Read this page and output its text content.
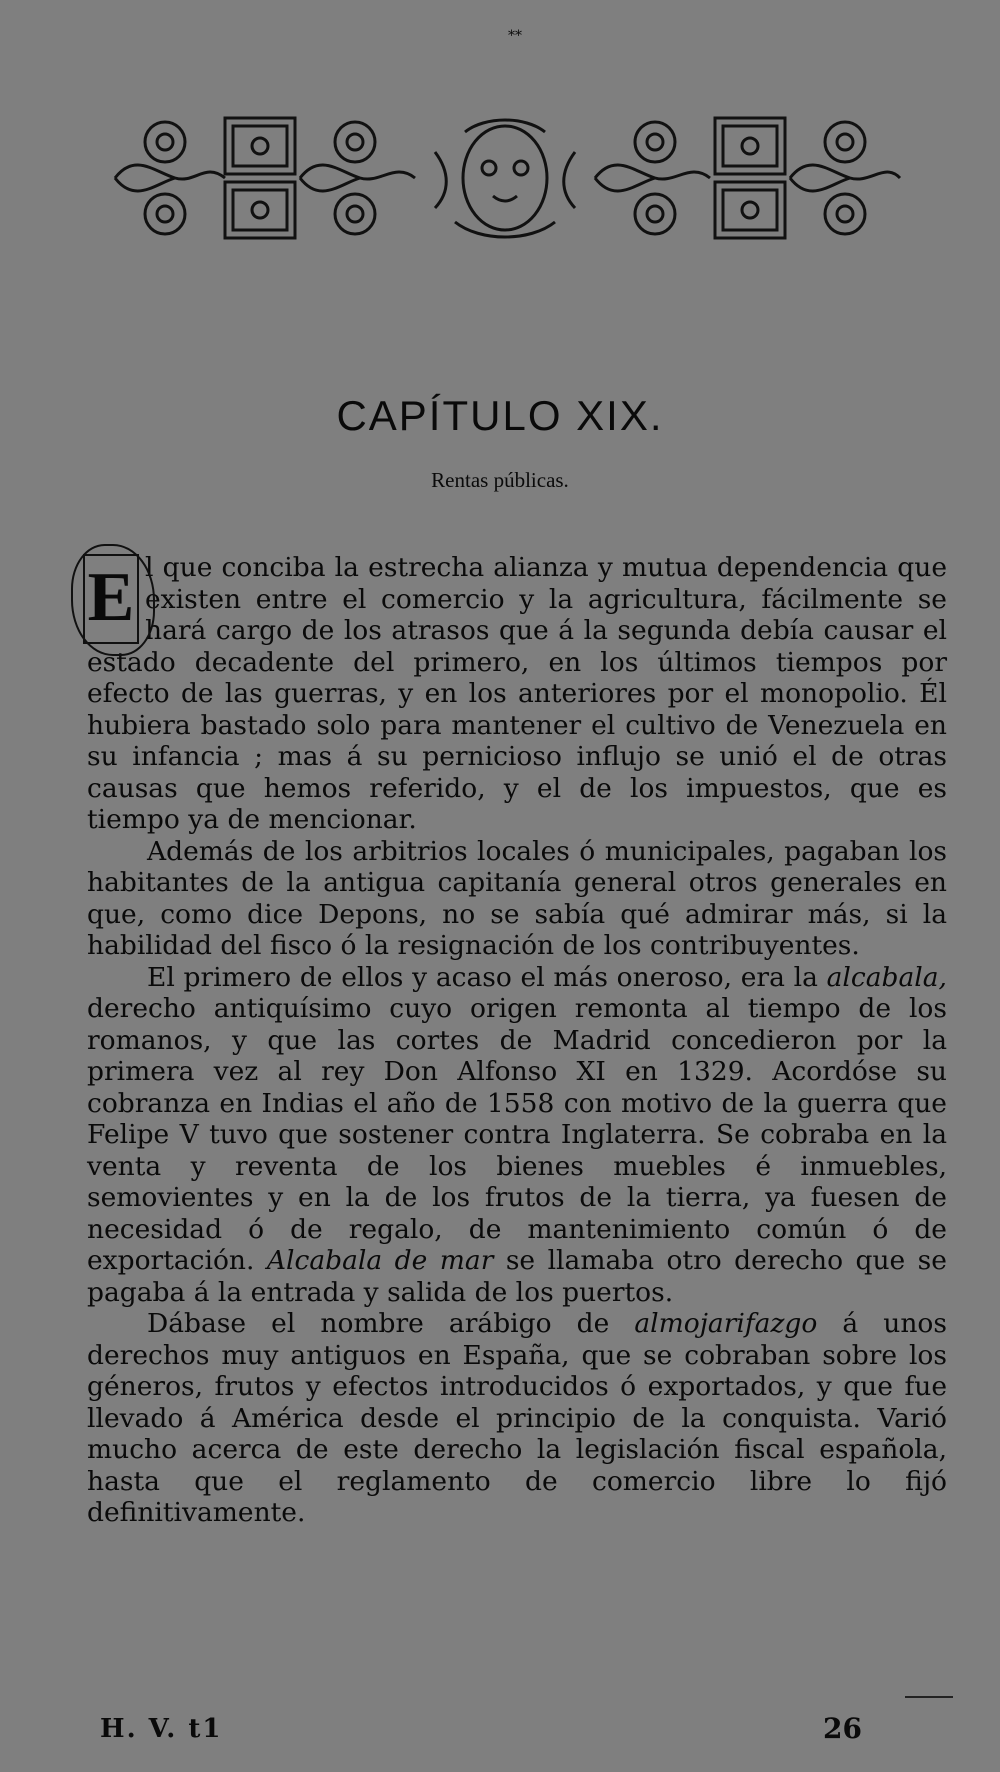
**
CAPÍTULO XIX.
Rentas públicas.

E l que conciba la estrecha alianza y mutua dependencia que existen entre el comercio y la agricultura, fácilmente se hará cargo de los atrasos que á la segunda debía causar el estado decadente del primero, en los últimos tiempos por efecto de las guerras, y en los anteriores por el monopolio. Él hubiera bastado solo para mantener el cultivo de Venezuela en su infancia ; mas á su pernicioso influjo se unió el de otras causas que hemos referido, y el de los impuestos, que es tiempo ya de mencionar.

Además de los arbitrios locales ó municipales, pagaban los habitantes de la antigua capitanía general otros generales en que, como dice Depons, no se sabía qué admirar más, si la habilidad del fisco ó la resignación de los contribuyentes.

El primero de ellos y acaso el más oneroso, era la alcabala, derecho antiquísimo cuyo origen remonta al tiempo de los romanos, y que las cortes de Madrid concedieron por la primera vez al rey Don Alfonso XI en 1329. Acordóse su cobranza en Indias el año de 1558 con motivo de la guerra que Felipe V tuvo que sostener contra Inglaterra. Se cobraba en la venta y reventa de los bienes muebles é inmuebles, semovientes y en la de los frutos de la tierra, ya fuesen de necesidad ó de regalo, de mantenimiento común ó de exportación. Alcabala de mar se llamaba otro derecho que se pagaba á la entrada y salida de los puertos.

Dábase el nombre arábigo de almojarifazgo á unos derechos muy antiguos en España, que se cobraban sobre los géneros, frutos y efectos introducidos ó exportados, y que fue llevado á América desde el principio de la conquista. Varió mucho acerca de este derecho la legislación fiscal española, hasta que el reglamento de comercio libre lo fijó definitivamente.

H. V. t1	26
